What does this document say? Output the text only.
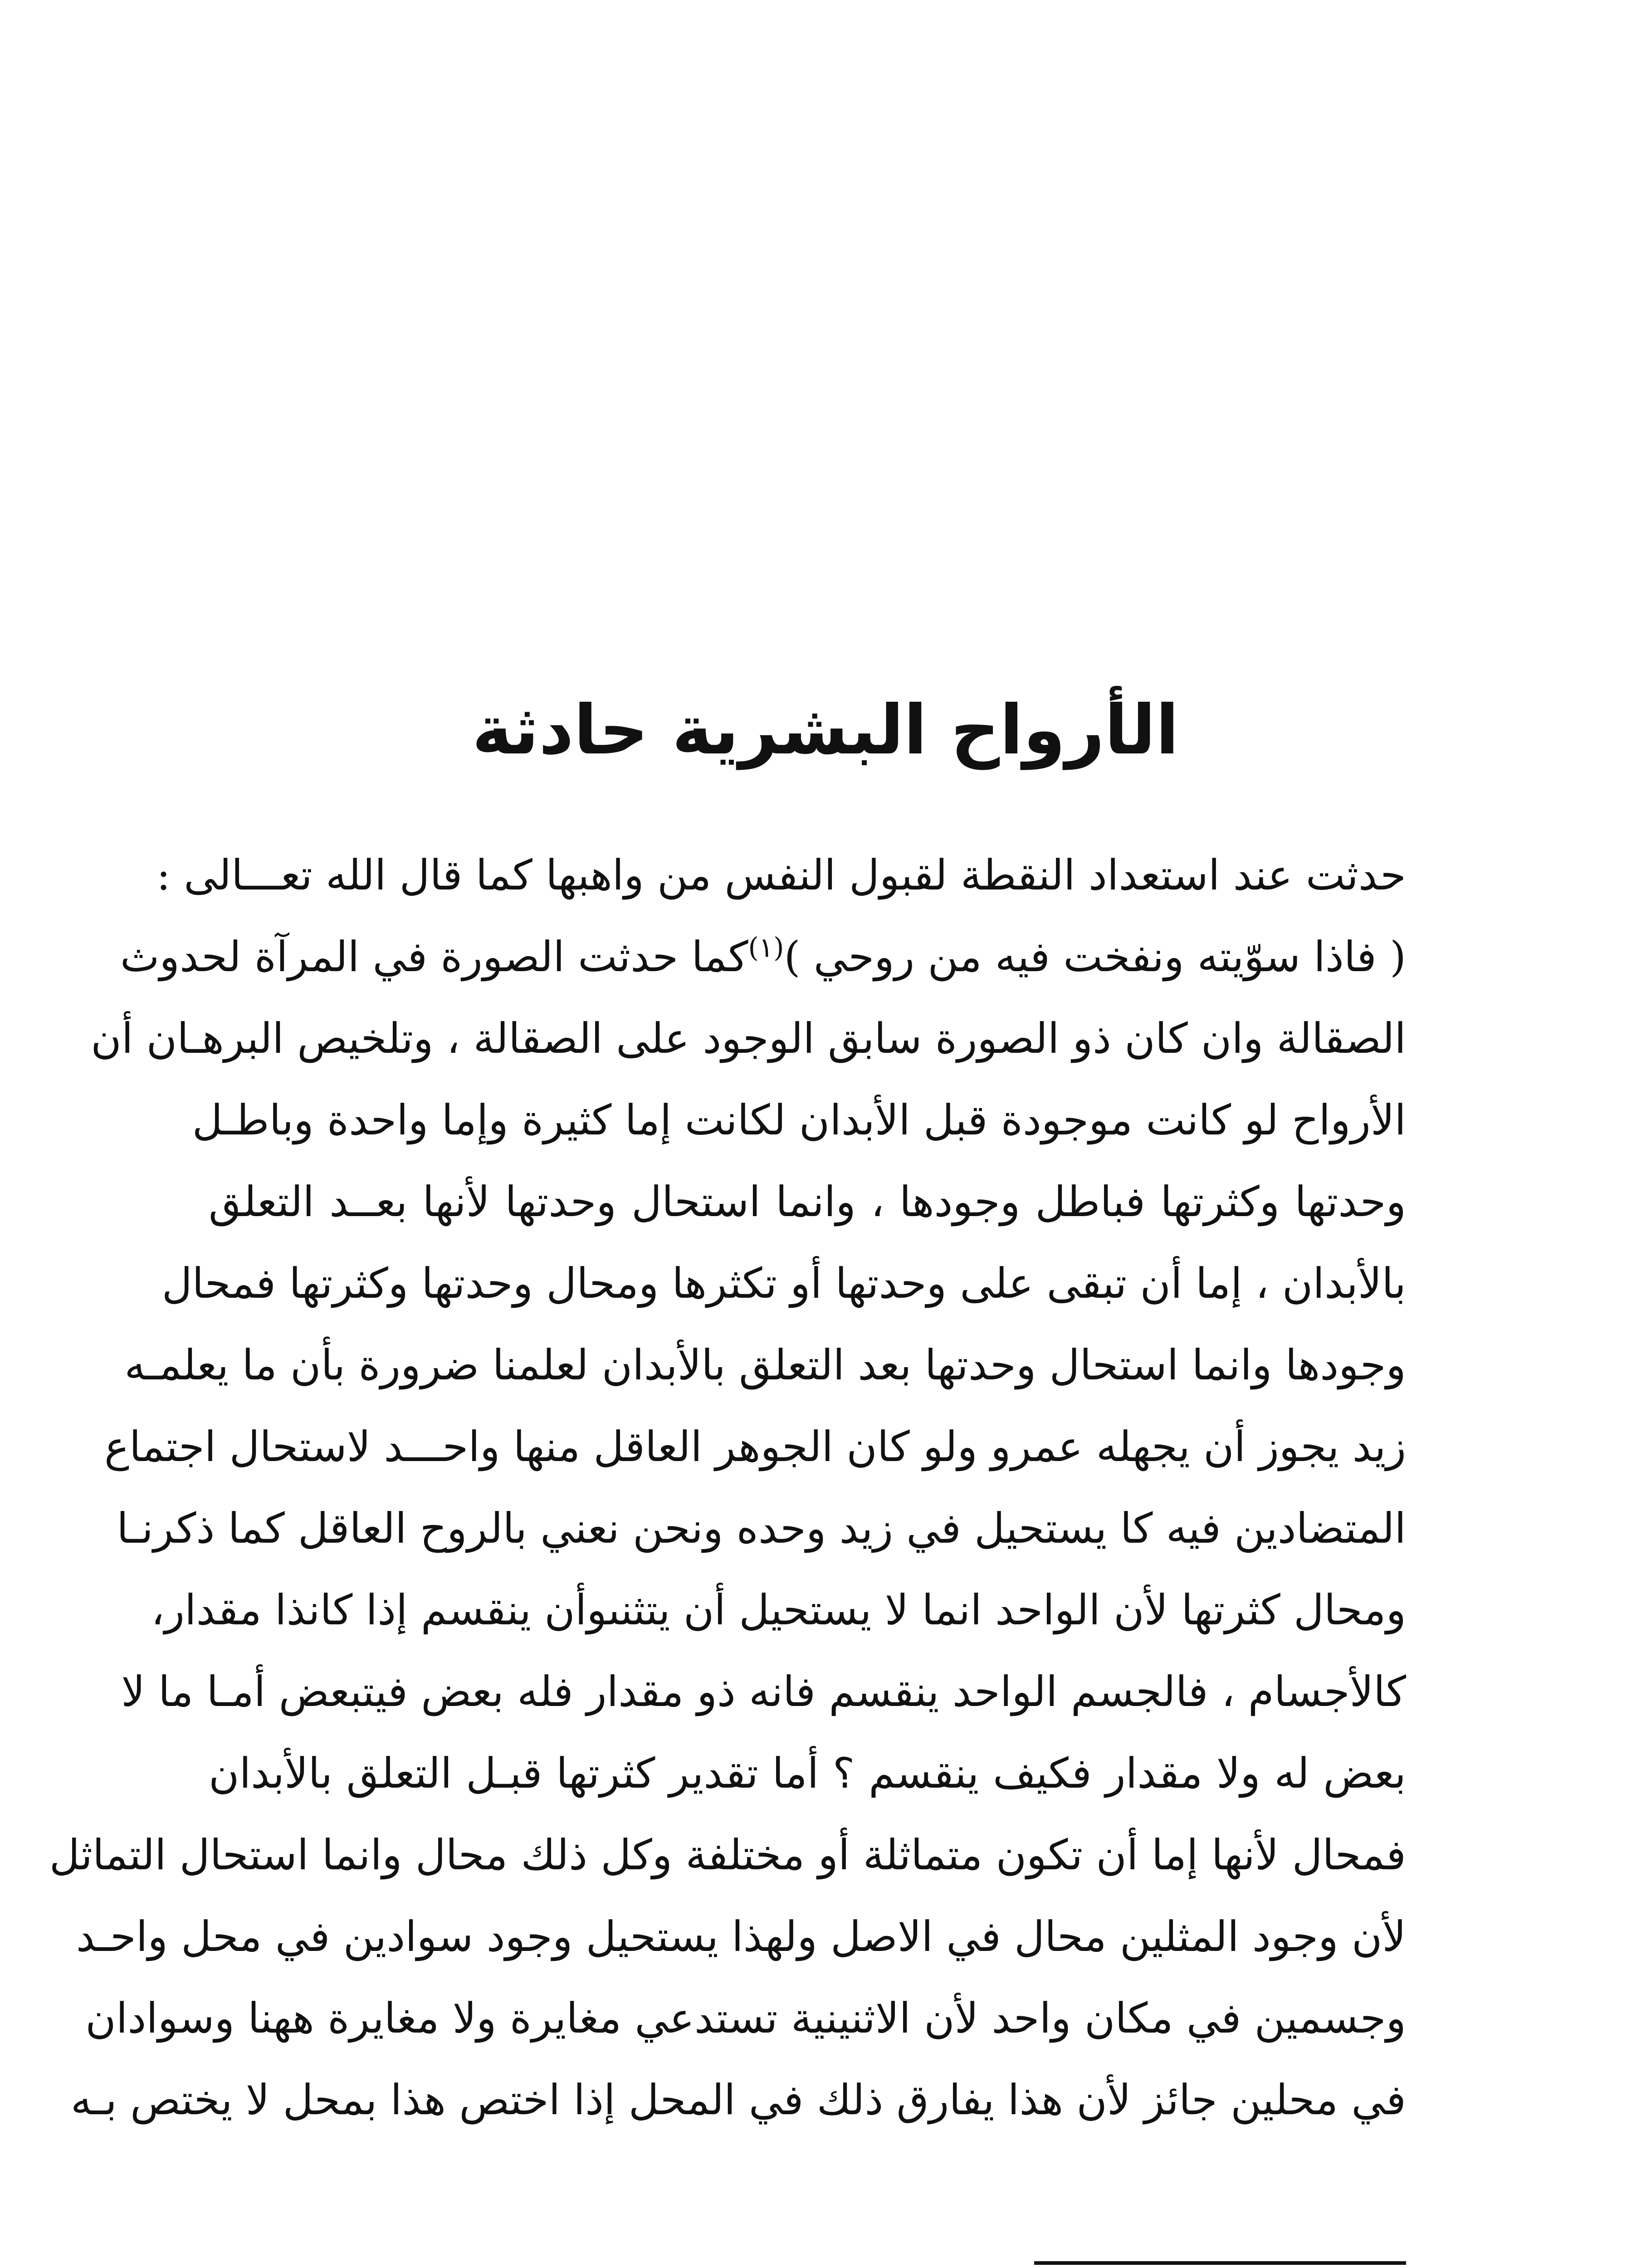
الأرواح البشرية حادثة
حدثت عند استعداد النقطة لقبول النفس من واهبها كما قال الله تعـــالى :
( فاذا سوّيته ونفخت فيه من روحي )$^{(١)}$كما حدثت الصورة في المرآة لحدوث
الصقالة وان كان ذو الصورة سابق الوجود على الصقالة ، وتلخيص البرهـان أن
الأرواح لو كانت موجودة قبل الأبدان لكانت إما كثيرة وإما واحدة وباطـل
وحدتها وكثرتها فباطل وجودها ، وانما استحال وحدتها لأنها بعــد التعلق
بالأبدان ، إما أن تبقى على وحدتها أو تكثرها ومحال وحدتها وكثرتها فمحال
وجودها وانما استحال وحدتها بعد التعلق بالأبدان لعلمنا ضرورة بأن ما يعلمـه
زيد يجوز أن يجهله عمرو ولو كان الجوهر العاقل منها واحـــد لاستحال اجتماع
المتضادين فيه كا يستحيل في زيد وحده ونحن نعني بالروح العاقل كما ذكرنـا
ومحال كثرتها لأن الواحد انما لا يستحيل أن يتثنىوأن ينقسم إذا كانذا مقدار،
كالأجسام ، فالجسم الواحد ينقسم فانه ذو مقدار فله بعض فيتبعض أمـا ما لا
بعض له ولا مقدار فكيف ينقسم ؟ أما تقدير كثرتها قبـل التعلق بالأبدان
فمحال لأنها إما أن تكون متماثلة أو مختلفة وكل ذلك محال وانما استحال التماثل
لأن وجود المثلين محال في الاصل ولهذا يستحيل وجود سوادين في محل واحـد
وجسمين في مكان واحد لأن الاثنينية تستدعي مغايرة ولا مغايرة ههنا وسوادان
في محلين جائز لأن هذا يفارق ذلك في المحل إذا اختص هذا بمحل لا يختص بـه
